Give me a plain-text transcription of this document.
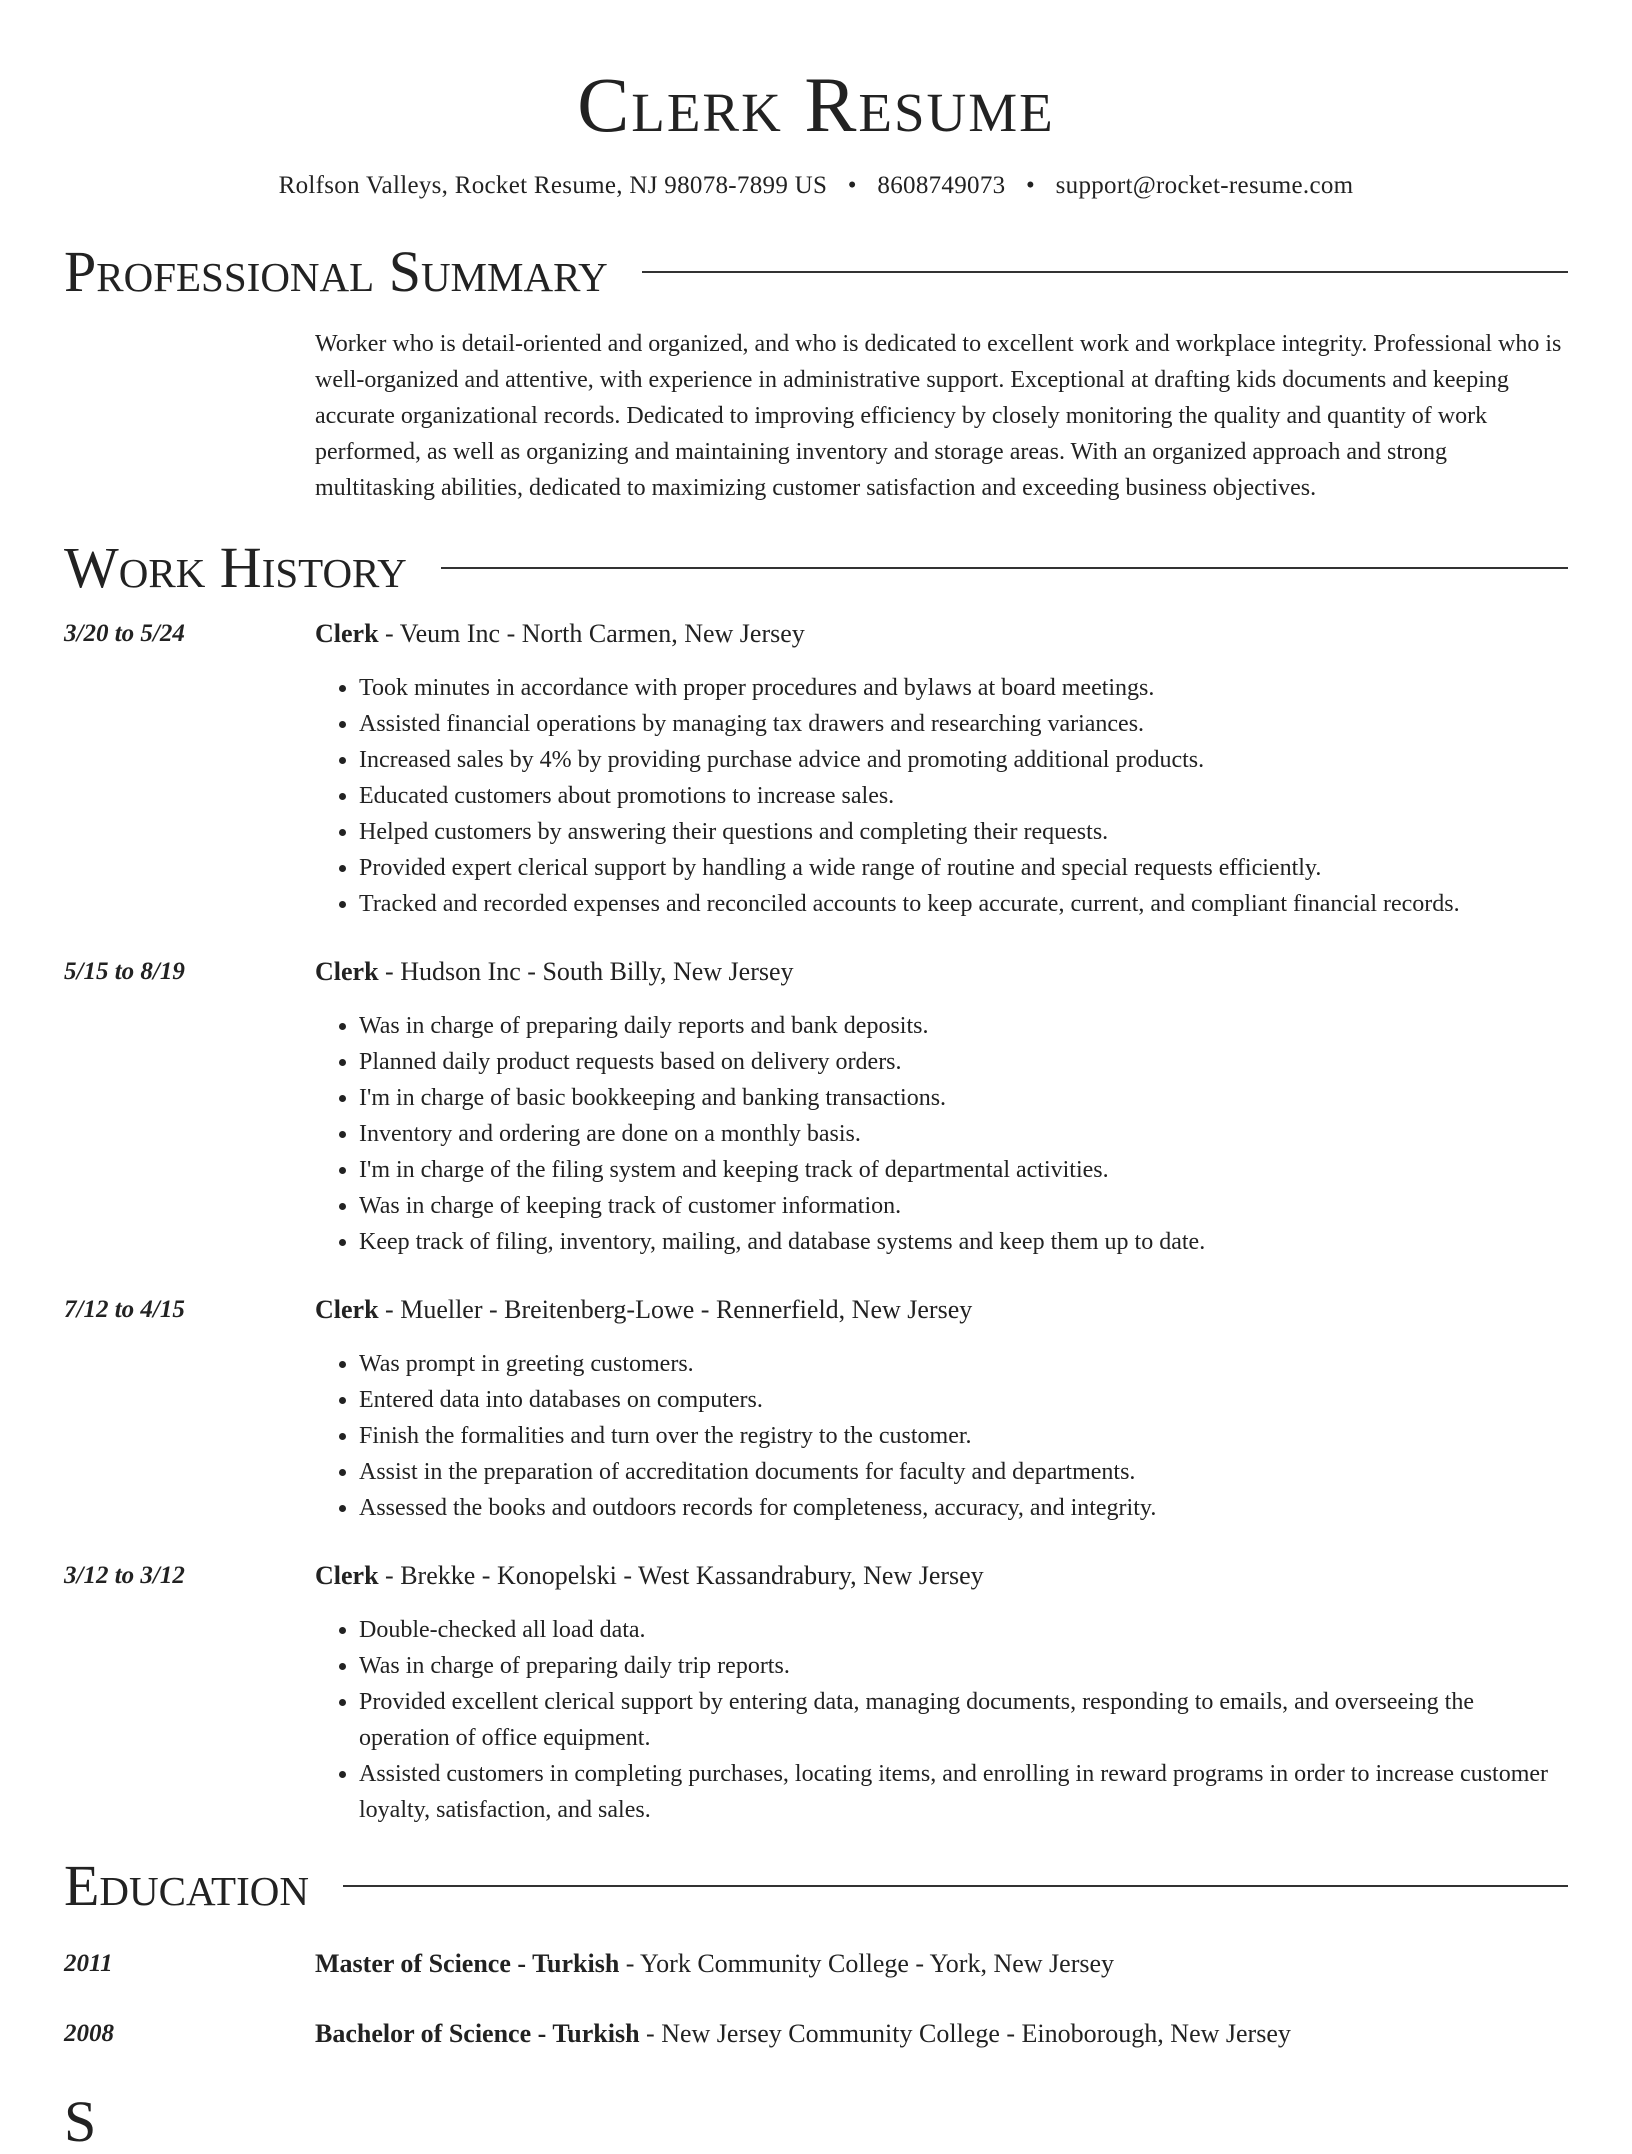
Clerk Resume
Rolfson Valleys, Rocket Resume, NJ 98078-7899 US • 8608749073 • support@rocket-resume.com
Professional Summary
Worker who is detail-oriented and organized, and who is dedicated to excellent work and workplace integrity. Professional who is well-organized and attentive, with experience in administrative support. Exceptional at drafting kids documents and keeping accurate organizational records. Dedicated to improving efficiency by closely monitoring the quality and quantity of work performed, as well as organizing and maintaining inventory and storage areas. With an organized approach and strong multitasking abilities, dedicated to maximizing customer satisfaction and exceeding business objectives.
Work History
3/20 to 5/24	Clerk - Veum Inc - North Carmen, New Jersey
• Took minutes in accordance with proper procedures and bylaws at board meetings.
• Assisted financial operations by managing tax drawers and researching variances.
• Increased sales by 4% by providing purchase advice and promoting additional products.
• Educated customers about promotions to increase sales.
• Helped customers by answering their questions and completing their requests.
• Provided expert clerical support by handling a wide range of routine and special requests efficiently.
• Tracked and recorded expenses and reconciled accounts to keep accurate, current, and compliant financial records.
5/15 to 8/19	Clerk - Hudson Inc - South Billy, New Jersey
• Was in charge of preparing daily reports and bank deposits.
• Planned daily product requests based on delivery orders.
• I'm in charge of basic bookkeeping and banking transactions.
• Inventory and ordering are done on a monthly basis.
• I'm in charge of the filing system and keeping track of departmental activities.
• Was in charge of keeping track of customer information.
• Keep track of filing, inventory, mailing, and database systems and keep them up to date.
7/12 to 4/15	Clerk - Mueller - Breitenberg-Lowe - Rennerfield, New Jersey
• Was prompt in greeting customers.
• Entered data into databases on computers.
• Finish the formalities and turn over the registry to the customer.
• Assist in the preparation of accreditation documents for faculty and departments.
• Assessed the books and outdoors records for completeness, accuracy, and integrity.
3/12 to 3/12	Clerk - Brekke - Konopelski - West Kassandrabury, New Jersey
• Double-checked all load data.
• Was in charge of preparing daily trip reports.
• Provided excellent clerical support by entering data, managing documents, responding to emails, and overseeing the operation of office equipment.
• Assisted customers in completing purchases, locating items, and enrolling in reward programs in order to increase customer loyalty, satisfaction, and sales.
Education
2011	Master of Science - Turkish - York Community College - York, New Jersey
2008	Bachelor of Science - Turkish - New Jersey Community College - Einoborough, New Jersey
S
